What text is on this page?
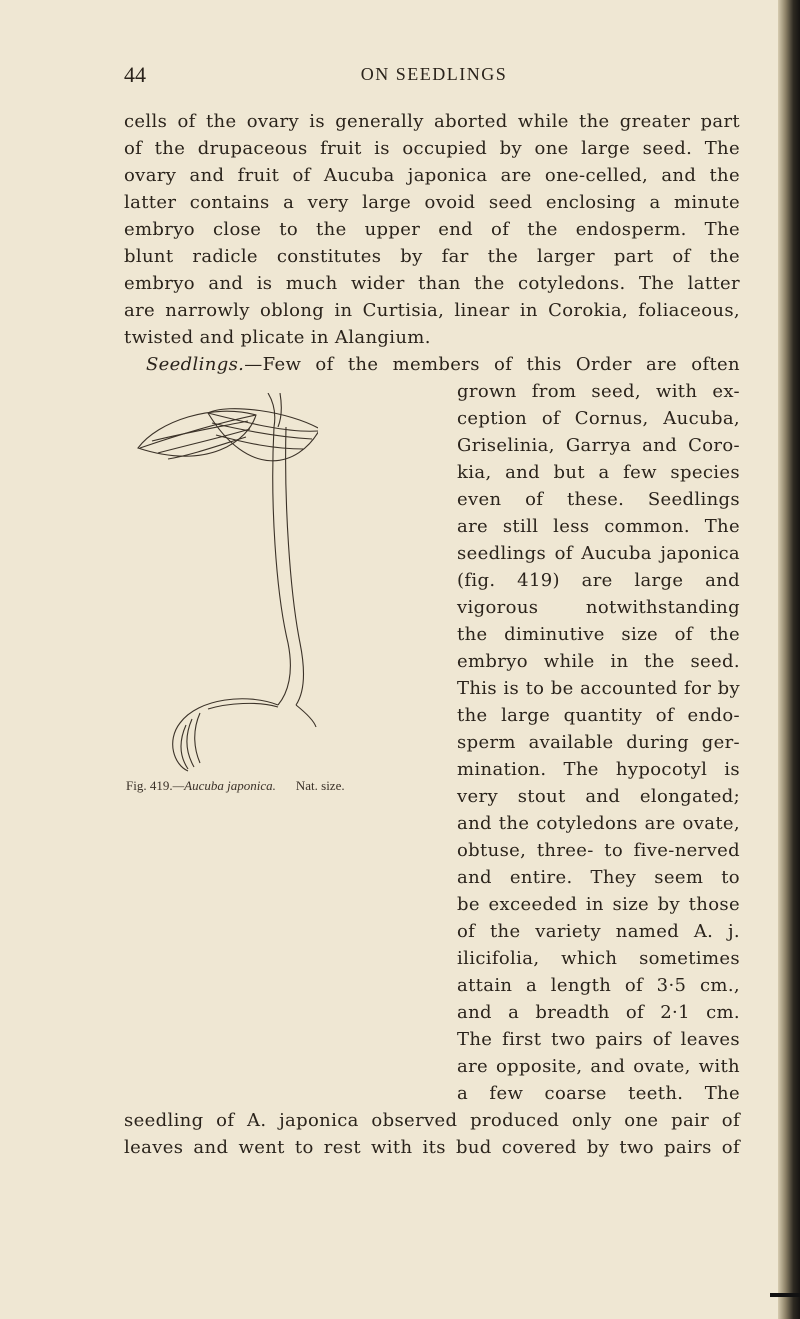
44	ON SEEDLINGS
cells of the ovary is generally aborted while the greater part
of the drupaceous fruit is occupied by one large seed. The
ovary and fruit of Aucuba japonica are one-celled, and the
latter contains a very large ovoid seed enclosing a minute
embryo close to the upper end of the endosperm. The
blunt radicle constitutes by far the larger part of the
embryo and is much wider than the cotyledons. The latter
are narrowly oblong in Curtisia, linear in Corokia, foliaceous,
twisted and plicate in Alangium.
Seedlings.—Few of the members of this Order are often
grown from seed, with ex-
ception of Cornus, Aucuba,
Griselinia, Garrya and Coro-
kia, and but a few species
even of these. Seedlings
are still less common. The
seedlings of Aucuba japonica
(fig. 419) are large and
vigorous notwithstanding
the diminutive size of the
embryo while in the seed.
This is to be accounted for by
the large quantity of endo-
sperm available during ger-
mination. The hypocotyl is
very stout and elongated;
and the cotyledons are ovate,
obtuse, three- to five-nerved
and entire. They seem to
be exceeded in size by those
of the variety named A. j.
ilicifolia, which sometimes
attain a length of 3·5 cm.,
and a breadth of 2·1 cm.
The first two pairs of leaves
are opposite, and ovate, with
a few coarse teeth. The
seedling of A. japonica observed produced only one pair of
leaves and went to rest with its bud covered by two pairs of
Fig. 419.—Aucuba japonica. Nat. size.
